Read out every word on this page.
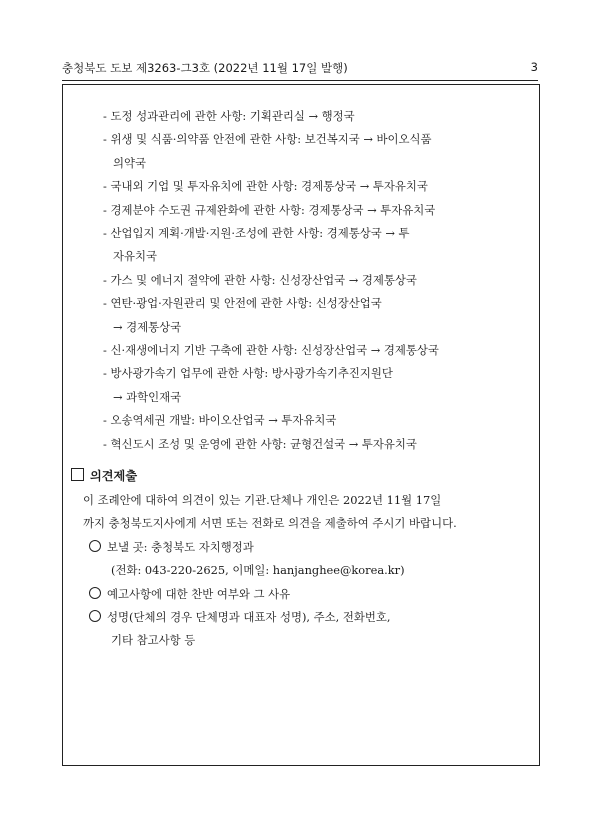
충청북도 도보 제3263-그3호 (2022년 11월 17일 발행)	3
- 도정 성과관리에 관한 사항: 기획관리실 → 행정국
- 위생 및 식품·의약품 안전에 관한 사항: 보건복지국 → 바이오식품
의약국
- 국내외 기업 및 투자유치에 관한 사항: 경제통상국 → 투자유치국
- 경제분야 수도권 규제완화에 관한 사항: 경제통상국 → 투자유치국
- 산업입지 계획·개발·지원·조성에 관한 사항: 경제통상국 → 투
자유치국
- 가스 및 에너지 절약에 관한 사항: 신성장산업국 → 경제통상국
- 연탄·광업·자원관리 및 안전에 관한 사항: 신성장산업국
→ 경제통상국
- 신·재생에너지 기반 구축에 관한 사항: 신성장산업국 → 경제통상국
- 방사광가속기 업무에 관한 사항: 방사광가속기추진지원단
→ 과학인재국
- 오송역세권 개발: 바이오산업국 → 투자유치국
- 혁신도시 조성 및 운영에 관한 사항: 균형건설국 → 투자유치국
의견제출
이 조례안에 대하여 의견이 있는 기관.단체나 개인은 2022년 11월 17일
까지 충청북도지사에게 서면 또는 전화로 의견을 제출하여 주시기 바랍니다.
보낼 곳: 충청북도 자치행정과
(전화: 043-220-2625, 이메일: hanjanghee@korea.kr)
예고사항에 대한 찬반 여부와 그 사유
성명(단체의 경우 단체명과 대표자 성명), 주소, 전화번호,
기타 참고사항 등
